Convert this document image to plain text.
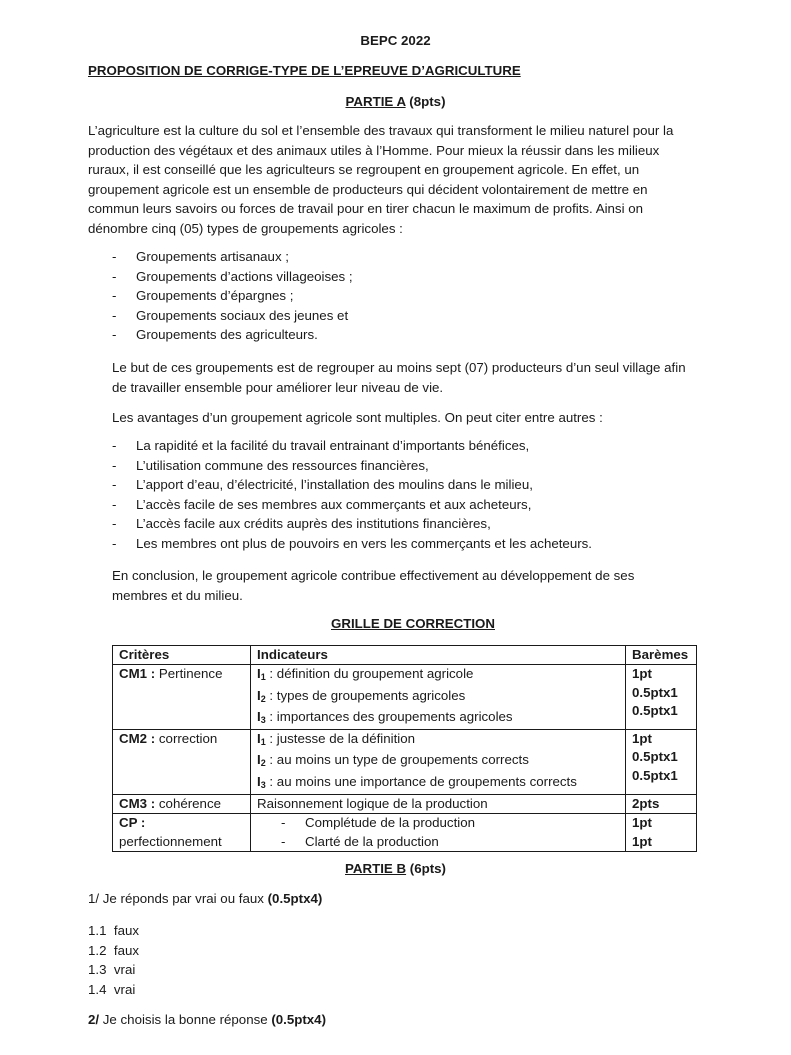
BEPC 2022
PROPOSITION DE CORRIGE-TYPE DE L’EPREUVE D’AGRICULTURE
PARTIE A (8pts)
L’agriculture est la culture du sol et l’ensemble des travaux qui transforment le milieu naturel pour la
production des végétaux et des animaux utiles à l’Homme. Pour mieux la réussir dans les milieux
ruraux, il est conseillé que les agriculteurs se regroupent en groupement agricole. En effet, un
groupement agricole est un ensemble de producteurs qui décident volontairement de mettre en
commun leurs savoirs ou forces de travail pour en tirer chacun le maximum de profits. Ainsi on
dénombre cinq (05) types de groupements agricoles :
- Groupements artisanaux ;
- Groupements d’actions villageoises ;
- Groupements d’épargnes ;
- Groupements sociaux des jeunes et
- Groupements des agriculteurs.
Le but de ces groupements est de regrouper au moins sept (07) producteurs d’un seul village afin
de travailler ensemble pour améliorer leur niveau de vie.
Les avantages d’un groupement agricole sont multiples. On peut citer entre autres :
- La rapidité et la facilité du travail entrainant d’importants bénéfices,
- L’utilisation commune des ressources financières,
- L’apport d’eau, d’électricité, l’installation des moulins dans le milieu,
- L’accès facile de ses membres aux commerçants et aux acheteurs,
- L’accès facile aux crédits auprès des institutions financières,
- Les membres ont plus de pouvoirs en vers les commerçants et les acheteurs.
En conclusion, le groupement agricole contribue effectivement au développement de ses
membres et du milieu.
GRILLE DE CORRECTION
Critères	Indicateurs	Barèmes
CM1 : Pertinence	$I_1$ : définition du groupement agricole
$I_2$ : types de groupements agricoles
$I_3$ : importances des groupements agricoles	1pt
0.5ptx1
0.5ptx1

CM2 : correction	$I_1$ : justesse de la définition
$I_2$ : au moins un type de groupements corrects
$I_3$ : au moins une importance de groupements corrects	1pt
0.5ptx1
0.5ptx1

CM3 : cohérence	Raisonnement logique de la production	2pts

CP :
perfectionnement	- Complétude de la production
- Clarté de la production	1pt
1pt
PARTIE B (6pts)
1/ Je réponds par vrai ou faux (0.5ptx4)
1.1 faux
1.2 faux
1.3 vrai
1.4 vrai
2/ Je choisis la bonne réponse (0.5ptx4)
